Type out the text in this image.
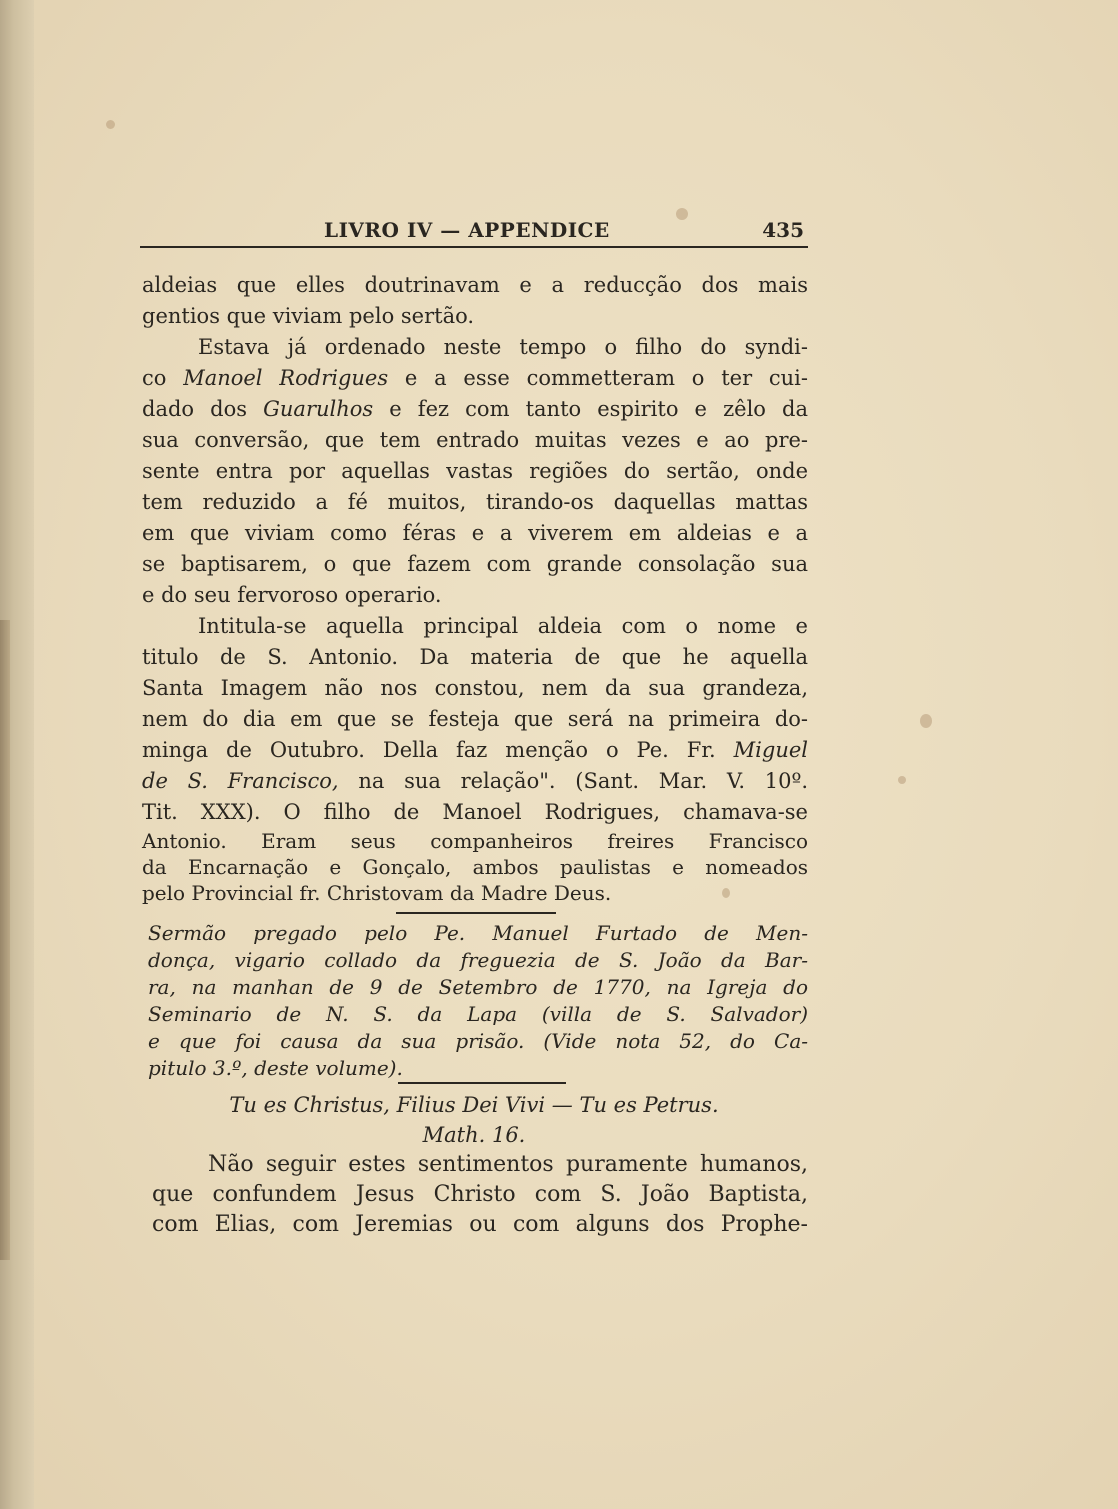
LIVRO IV — APPENDICE	435
aldeias que elles doutrinavam e a reducção dos mais
gentios que viviam pelo sertão.
Estava já ordenado neste tempo o filho do syndi-
co Manoel Rodrigues e a esse commetteram o ter cui-
dado dos Guarulhos e fez com tanto espirito e zêlo da
sua conversão, que tem entrado muitas vezes e ao pre-
sente entra por aquellas vastas regiões do sertão, onde
tem reduzido a fé muitos, tirando-os daquellas mattas
em que viviam como féras e a viverem em aldeias e a
se baptisarem, o que fazem com grande consolação sua
e do seu fervoroso operario.
Intitula-se aquella principal aldeia com o nome e
titulo de S. Antonio. Da materia de que he aquella
Santa Imagem não nos constou, nem da sua grandeza,
nem do dia em que se festeja que será na primeira do-
minga de Outubro. Della faz menção o Pe. Fr. Miguel
de S. Francisco, na sua relação". (Sant. Mar. V. 10º.
Tit. XXX). O filho de Manoel Rodrigues, chamava-se
Antonio. Eram seus companheiros freires Francisco
da Encarnação e Gonçalo, ambos paulistas e nomeados
pelo Provincial fr. Christovam da Madre Deus.
Sermão pregado pelo Pe. Manuel Furtado de Men-
donça, vigario collado da freguezia de S. João da Bar-
ra, na manhan de 9 de Setembro de 1770, na Igreja do
Seminario de N. S. da Lapa (villa de S. Salvador)
e que foi causa da sua prisão. (Vide nota 52, do Ca-
pitulo 3.º, deste volume).
Tu es Christus, Filius Dei Vivi — Tu es Petrus.
Math. 16.
Não seguir estes sentimentos puramente humanos,
que confundem Jesus Christo com S. João Baptista,
com Elias, com Jeremias ou com alguns dos Prophe-
